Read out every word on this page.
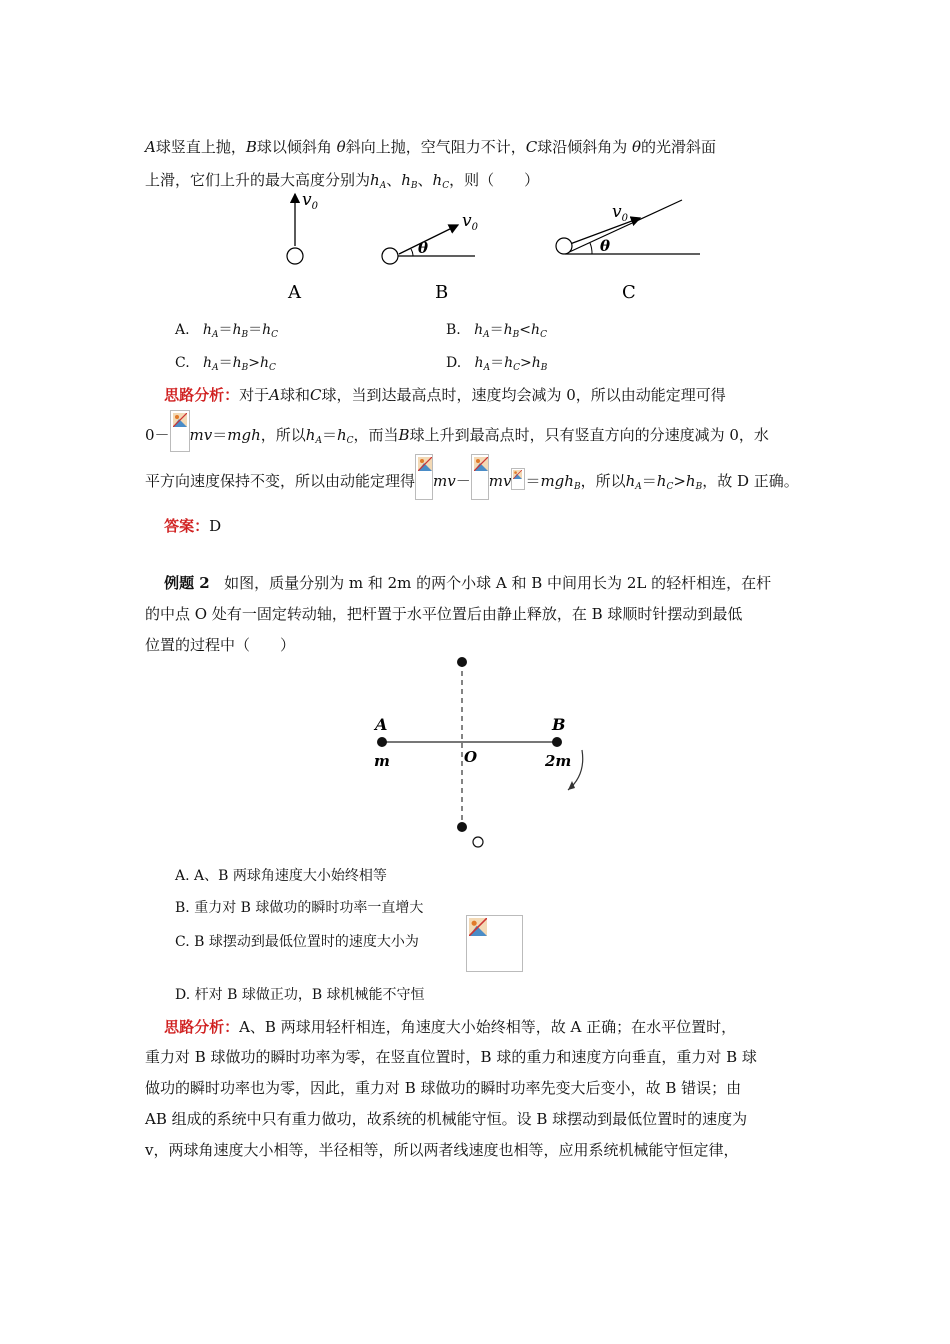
A球竖直上抛，B球以倾斜角 θ斜向上抛，空气阻力不计，C球沿倾斜角为 θ的光滑斜面
上滑，它们上升的最大高度分别为$h_A$、$h_B$、$h_C$，则（　　）
$v_0$
A
θ
$v_0$
B
θ
$v_0$
C
A. $h_A=h_B=h_C$	B. $h_A=h_B<h_C$
C. $h_A=h_B>h_C$	D. $h_A=h_C>h_B$
思路分析：对于A球和C球，当到达最高点时，速度均会减为 0，所以由动能定理可得
0－ mv＝mgh，所以$h_A=h_C$，而当B球上升到最高点时，只有竖直方向的分速度减为 0，水
平方向速度保持不变，所以由动能定理得 mv－ mv ＝mgh$_B$，所以$h_A=h_C>h_B$，故 D 正确。
答案：D
例题 2 如图，质量分别为 m 和 2m 的两个小球 A 和 B 中间用长为 2L 的轻杆相连，在杆
的中点 O 处有一固定转动轴，把杆置于水平位置后由静止释放，在 B 球顺时针摆动到最低
位置的过程中（　　）
A	B
O
m	2m
A. A、B 两球角速度大小始终相等
B. 重力对 B 球做功的瞬时功率一直增大
C. B 球摆动到最低位置时的速度大小为
D. 杆对 B 球做正功，B 球机械能不守恒
思路分析：A、B 两球用轻杆相连，角速度大小始终相等，故 A 正确；在水平位置时，
重力对 B 球做功的瞬时功率为零，在竖直位置时，B 球的重力和速度方向垂直，重力对 B 球
做功的瞬时功率也为零，因此，重力对 B 球做功的瞬时功率先变大后变小，故 B 错误；由
AB 组成的系统中只有重力做功，故系统的机械能守恒。设 B 球摆动到最低位置时的速度为
v，两球角速度大小相等，半径相等，所以两者线速度也相等，应用系统机械能守恒定律，
